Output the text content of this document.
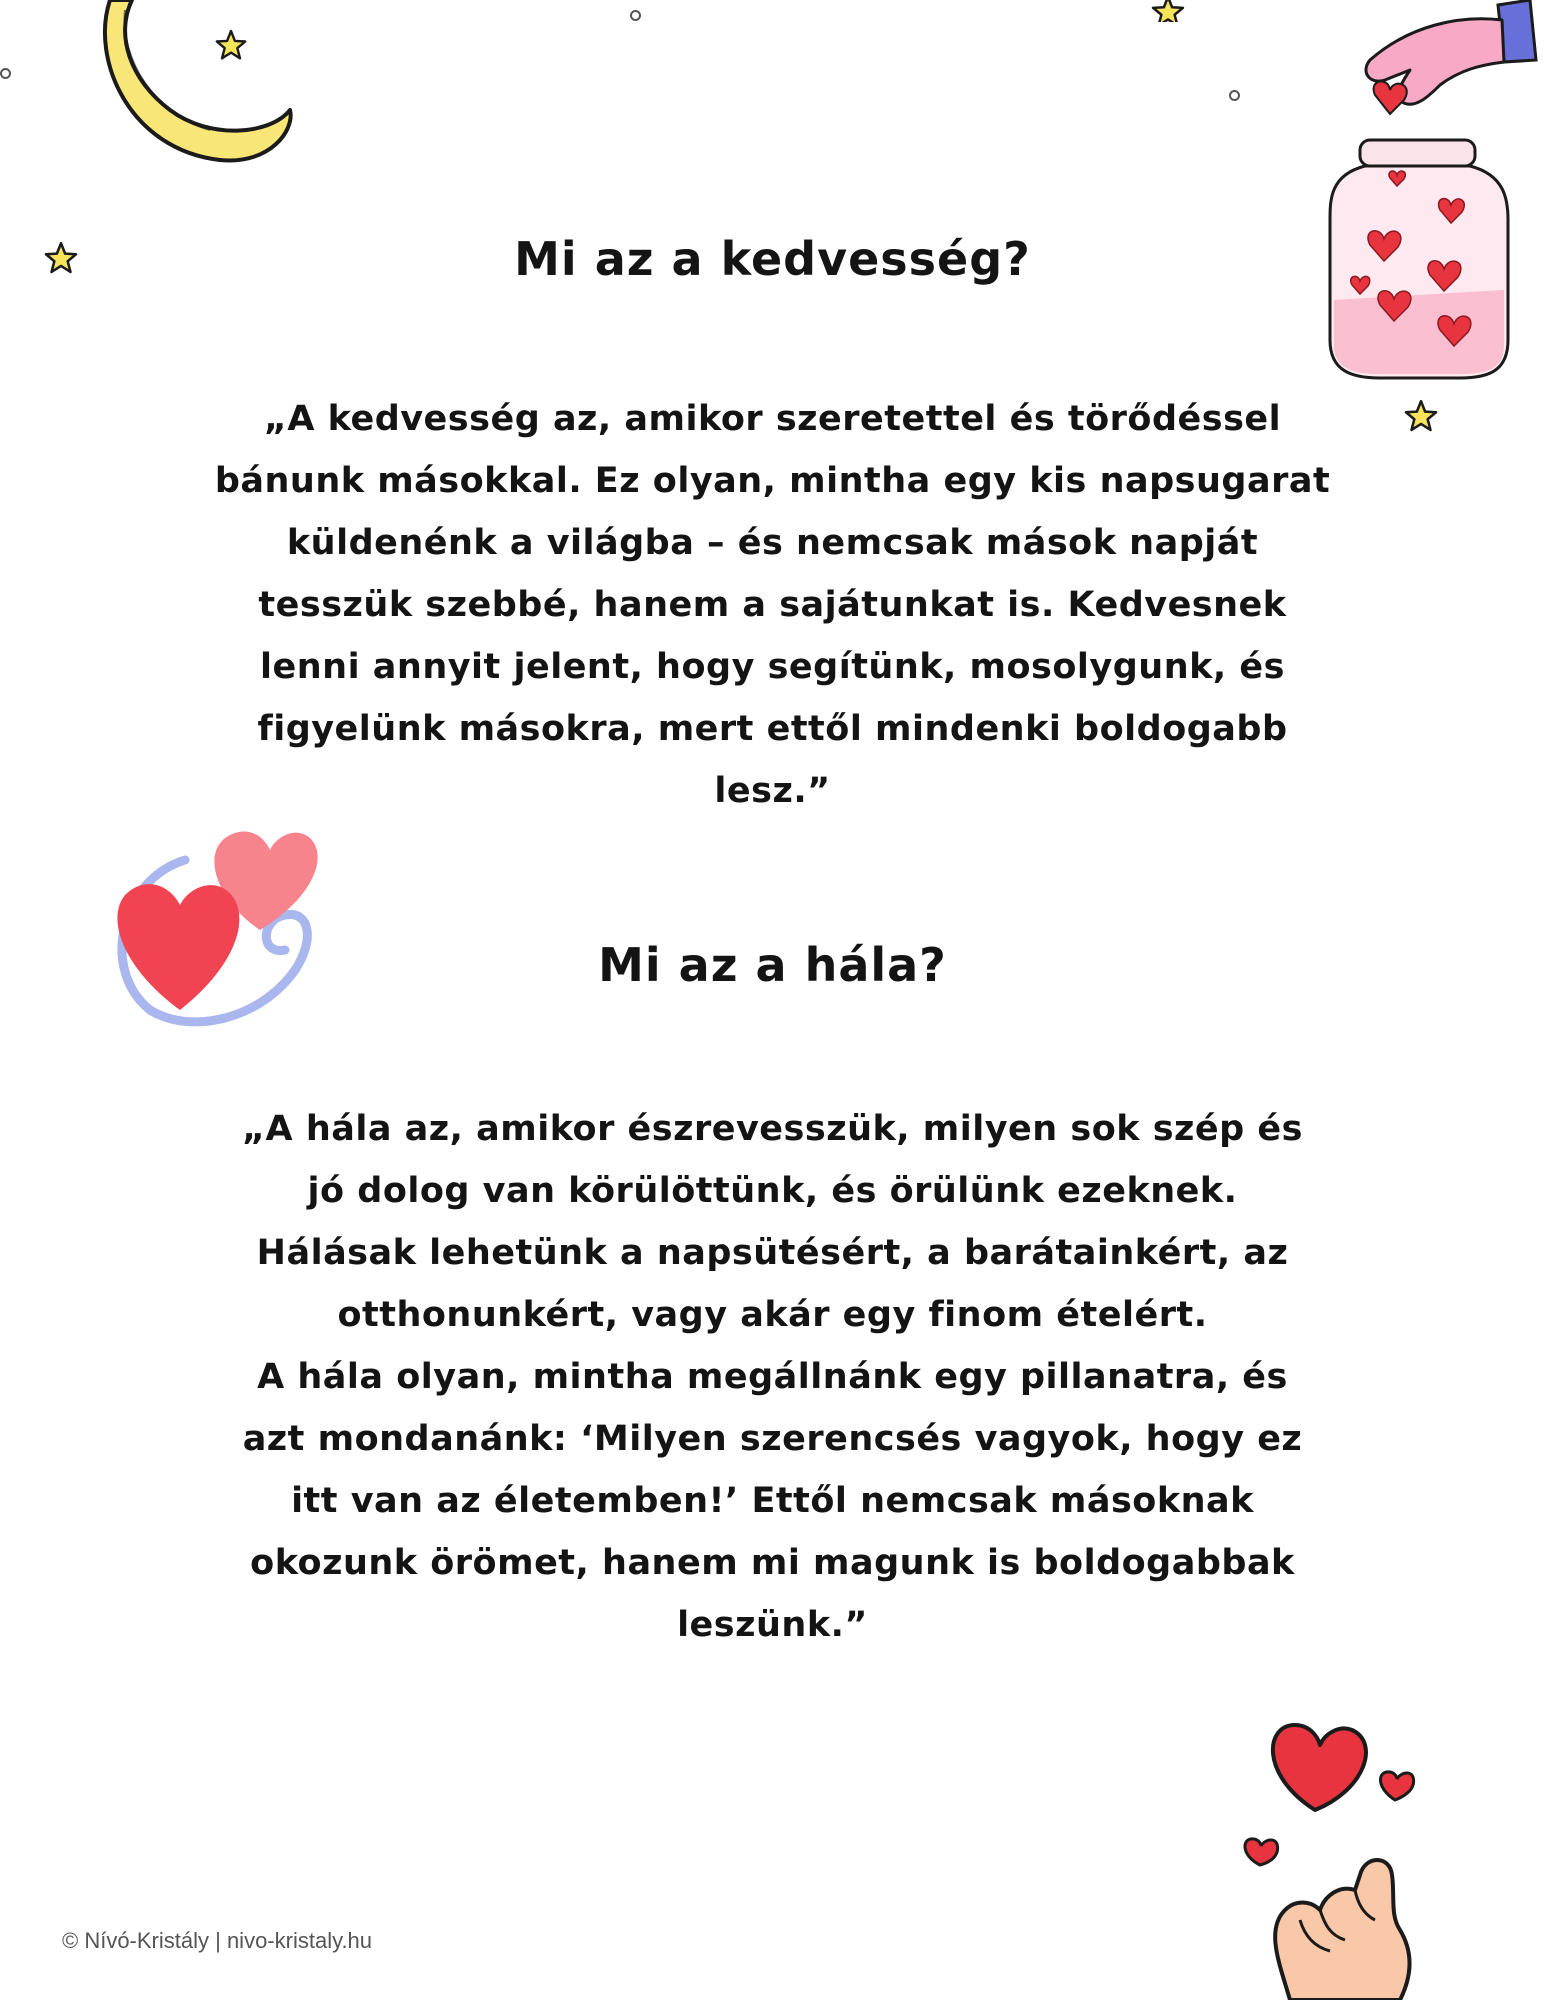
Mi az a kedvesség?
„A kedvesség az, amikor szeretettel és törődéssel
bánunk másokkal. Ez olyan, mintha egy kis napsugarat
küldenénk a világba – és nemcsak mások napját
tesszük szebbé, hanem a sajátunkat is. Kedvesnek
lenni annyit jelent, hogy segítünk, mosolygunk, és
figyelünk másokra, mert ettől mindenki boldogabb
lesz.”
Mi az a hála?
„A hála az, amikor észrevesszük, milyen sok szép és
jó dolog van körülöttünk, és örülünk ezeknek.
Hálásak lehetünk a napsütésért, a barátainkért, az
otthonunkért, vagy akár egy finom ételért.
A hála olyan, mintha megállnánk egy pillanatra, és
azt mondanánk: ‘Milyen szerencsés vagyok, hogy ez
itt van az életemben!’ Ettől nemcsak másoknak
okozunk örömet, hanem mi magunk is boldogabbak
leszünk.”
© Nívó-Kristály | nivo-kristaly.hu
